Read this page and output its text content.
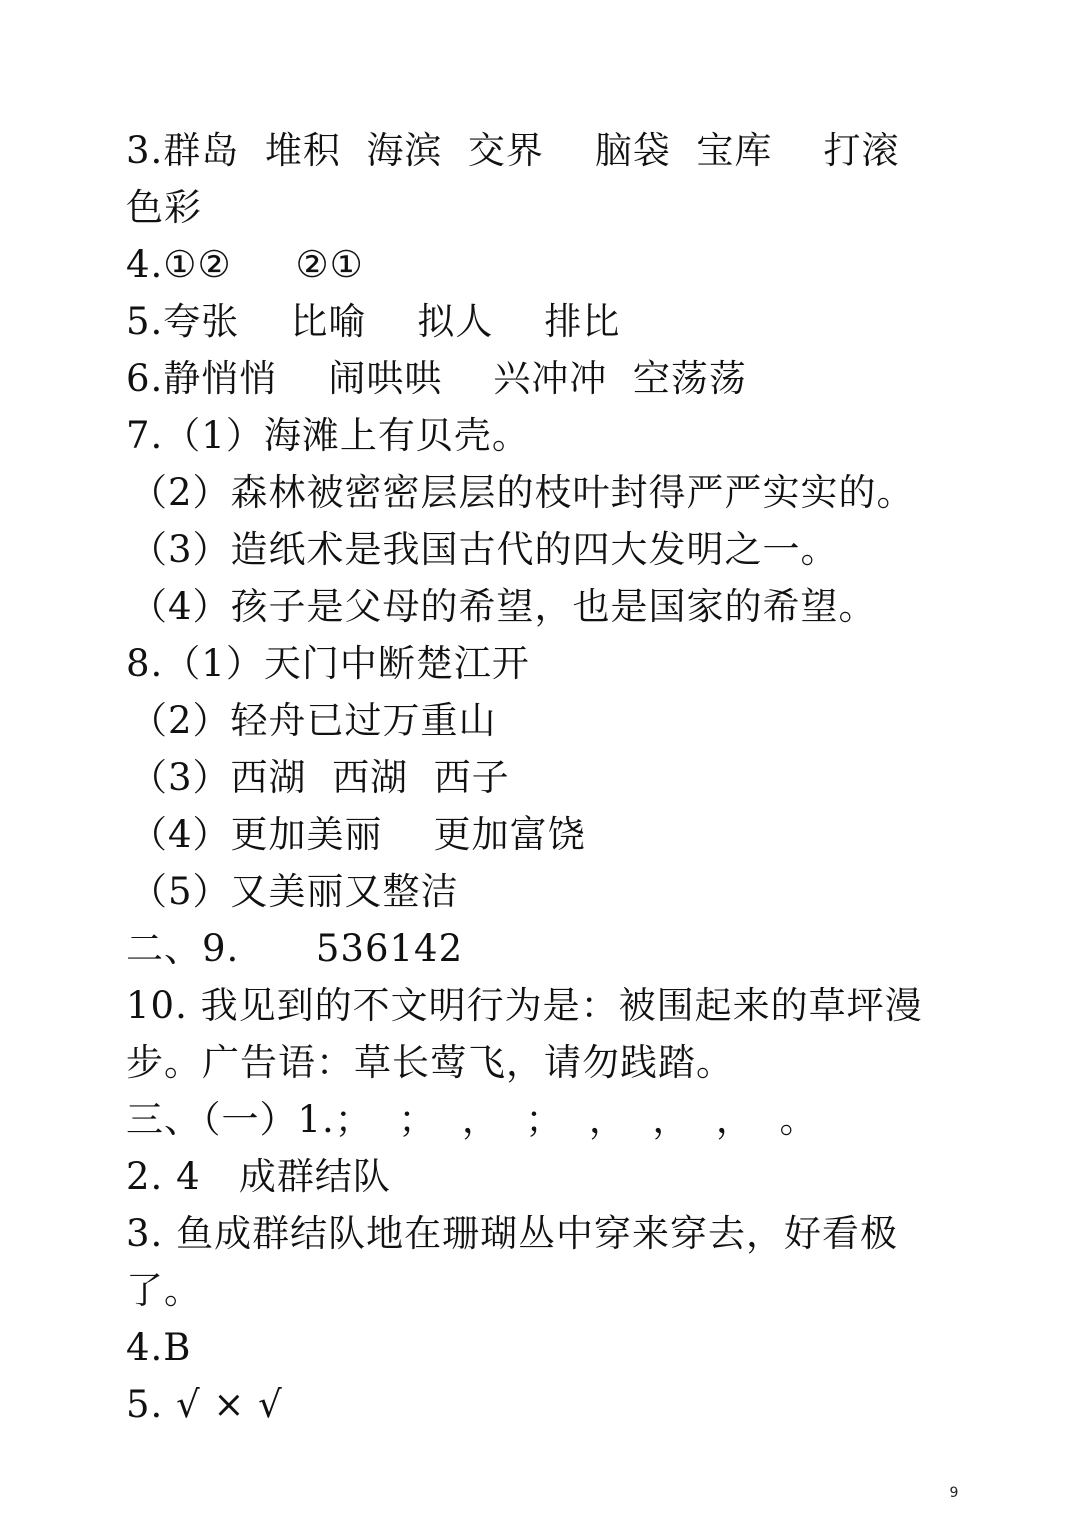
3.群岛  堆积  海滨  交界    脑袋  宝库    打滚
色彩
4.①②     ②①
5.夸张    比喻    拟人    排比
6.静悄悄    闹哄哄    兴冲冲  空荡荡
7.（1）海滩上有贝壳。
（2）森林被密密层层的枝叶封得严严实实的。
（3）造纸术是我国古代的四大发明之一。
（4）孩子是父母的希望，也是国家的希望。
8.（1）天门中断楚江开
（2）轻舟已过万重山
（3）西湖  西湖  西子
（4）更加美丽    更加富饶
（5）又美丽又整洁
二、9.      536142
10. 我见到的不文明行为是：被围起来的草坪漫
步。广告语：草长莺飞，请勿践踏。
三、（一）1.；  ；  ，  ；  ，  ，  ，  。
2. 4   成群结队
3. 鱼成群结队地在珊瑚丛中穿来穿去，好看极
了。
4.B
5. √ × √
9
